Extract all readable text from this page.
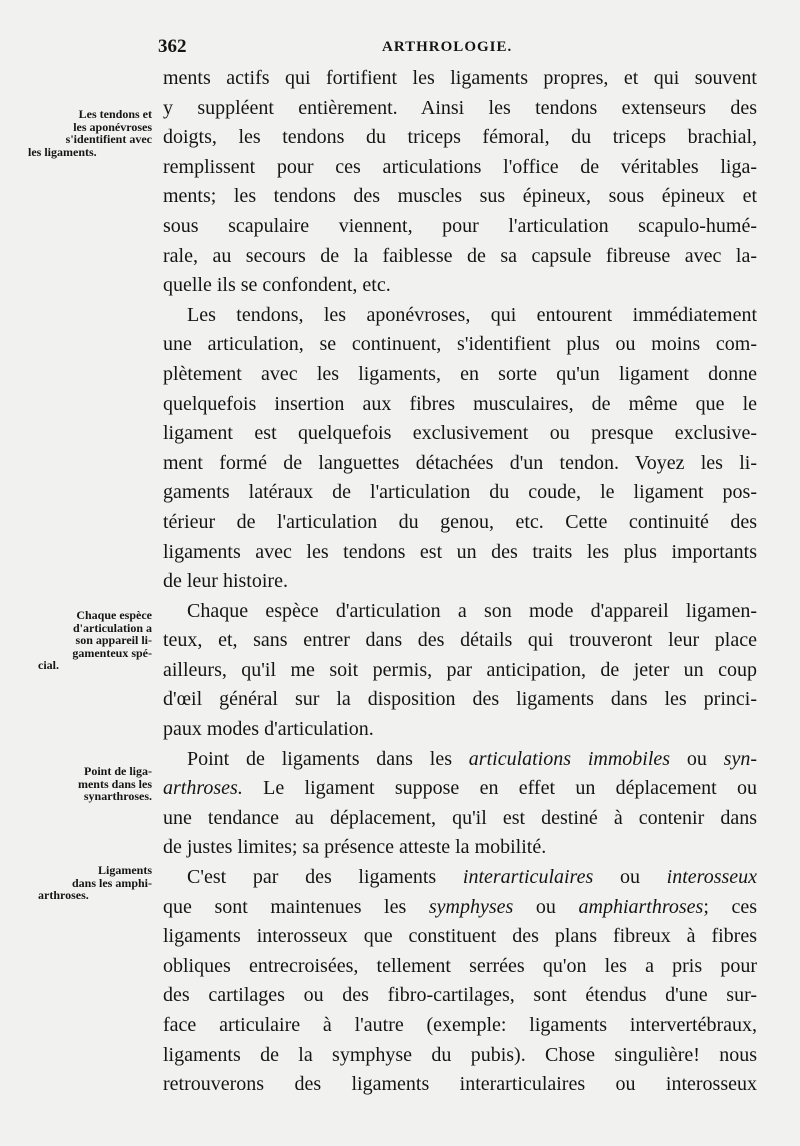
362	ARTHROLOGIE.
Les tendons et
les aponévroses
s'identifient avec
les ligaments.
Chaque espèce
d'articulation a
son appareil li-
gamenteux spé-
cial.
Point de liga-
ments dans les
synarthroses.
Ligaments
dans les amphi-
arthroses.
ments actifs qui fortifient les ligaments propres, et qui souvent
y suppléent entièrement. Ainsi les tendons extenseurs des
doigts, les tendons du triceps fémoral, du triceps brachial,
remplissent pour ces articulations l'office de véritables liga-
ments; les tendons des muscles sus épineux, sous épineux et
sous scapulaire viennent, pour l'articulation scapulo-humé-
rale, au secours de la faiblesse de sa capsule fibreuse avec la-
quelle ils se confondent, etc.
Les tendons, les aponévroses, qui entourent immédiatement
une articulation, se continuent, s'identifient plus ou moins com-
plètement avec les ligaments, en sorte qu'un ligament donne
quelquefois insertion aux fibres musculaires, de même que le
ligament est quelquefois exclusivement ou presque exclusive-
ment formé de languettes détachées d'un tendon. Voyez les li-
gaments latéraux de l'articulation du coude, le ligament pos-
térieur de l'articulation du genou, etc. Cette continuité des
ligaments avec les tendons est un des traits les plus importants
de leur histoire.
Chaque espèce d'articulation a son mode d'appareil ligamen-
teux, et, sans entrer dans des détails qui trouveront leur place
ailleurs, qu'il me soit permis, par anticipation, de jeter un coup
d'œil général sur la disposition des ligaments dans les princi-
paux modes d'articulation.
Point de ligaments dans les articulations immobiles ou syn-
arthroses. Le ligament suppose en effet un déplacement ou
une tendance au déplacement, qu'il est destiné à contenir dans
de justes limites; sa présence atteste la mobilité.
C'est par des ligaments interarticulaires ou interosseux
que sont maintenues les symphyses ou amphiarthroses; ces
ligaments interosseux que constituent des plans fibreux à fibres
obliques entrecroisées, tellement serrées qu'on les a pris pour
des cartilages ou des fibro-cartilages, sont étendus d'une sur-
face articulaire à l'autre (exemple: ligaments intervertébraux,
ligaments de la symphyse du pubis). Chose singulière! nous
retrouverons des ligaments interarticulaires ou interosseux
